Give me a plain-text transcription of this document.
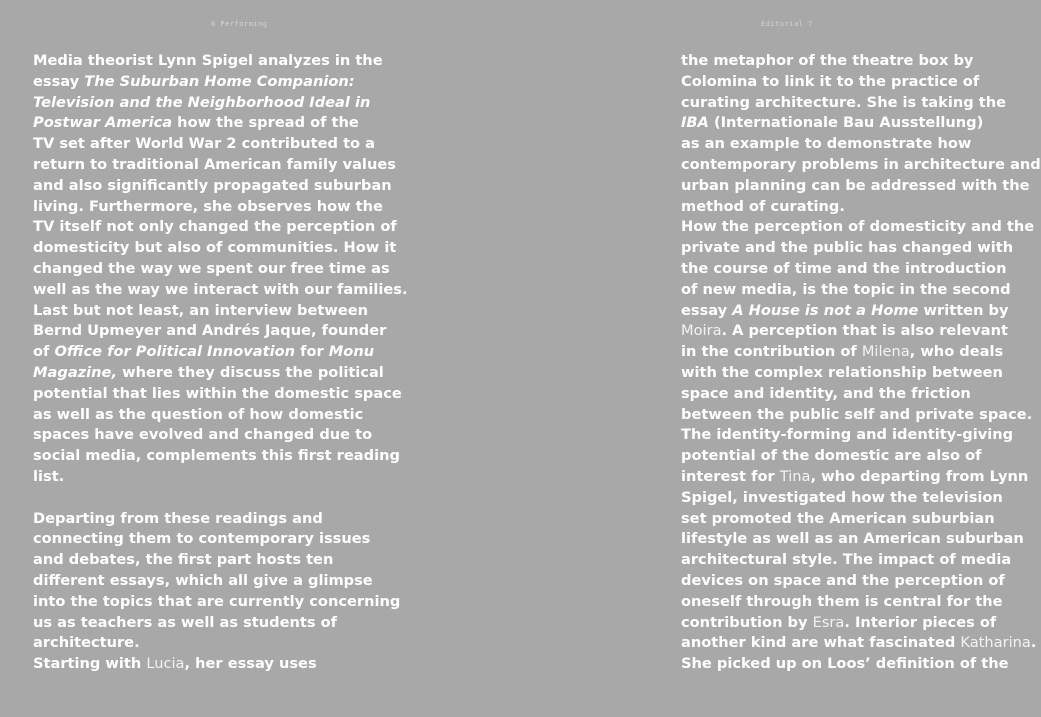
6 Performing
Media theorist Lynn Spigel analyzes in the
essay The Suburban Home Companion:
Television and the Neighborhood Ideal in
Postwar America how the spread of the
TV set after World War 2 contributed to a
return to traditional American family values
and also significantly propagated suburban
living. Furthermore, she observes how the
TV itself not only changed the perception of
domesticity but also of communities. How it
changed the way we spent our free time as
well as the way we interact with our families.
Last but not least, an interview between
Bernd Upmeyer and Andrés Jaque, founder
of Office for Political Innovation for Monu
Magazine, where they discuss the political
potential that lies within the domestic space
as well as the question of how domestic
spaces have evolved and changed due to
social media, complements this first reading
list.
Departing from these readings and
connecting them to contemporary issues
and debates, the first part hosts ten
different essays, which all give a glimpse
into the topics that are currently concerning
us as teachers as well as students of
architecture.
Starting with Lucia, her essay uses
Editorial 7
the metaphor of the theatre box by
Colomina to link it to the practice of
curating architecture. She is taking the
IBA (Internationale Bau Ausstellung)
as an example to demonstrate how
contemporary problems in architecture and
urban planning can be addressed with the
method of curating.
How the perception of domesticity and the
private and the public has changed with
the course of time and the introduction
of new media, is the topic in the second
essay A House is not a Home written by
Moira. A perception that is also relevant
in the contribution of Milena, who deals
with the complex relationship between
space and identity, and the friction
between the public self and private space.
The identity-forming and identity-giving
potential of the domestic are also of
interest for Tina, who departing from Lynn
Spigel, investigated how the television
set promoted the American suburbian
lifestyle as well as an American suburban
architectural style. The impact of media
devices on space and the perception of
oneself through them is central for the
contribution by Esra. Interior pieces of
another kind are what fascinated Katharina.
She picked up on Loos’ definition of the
